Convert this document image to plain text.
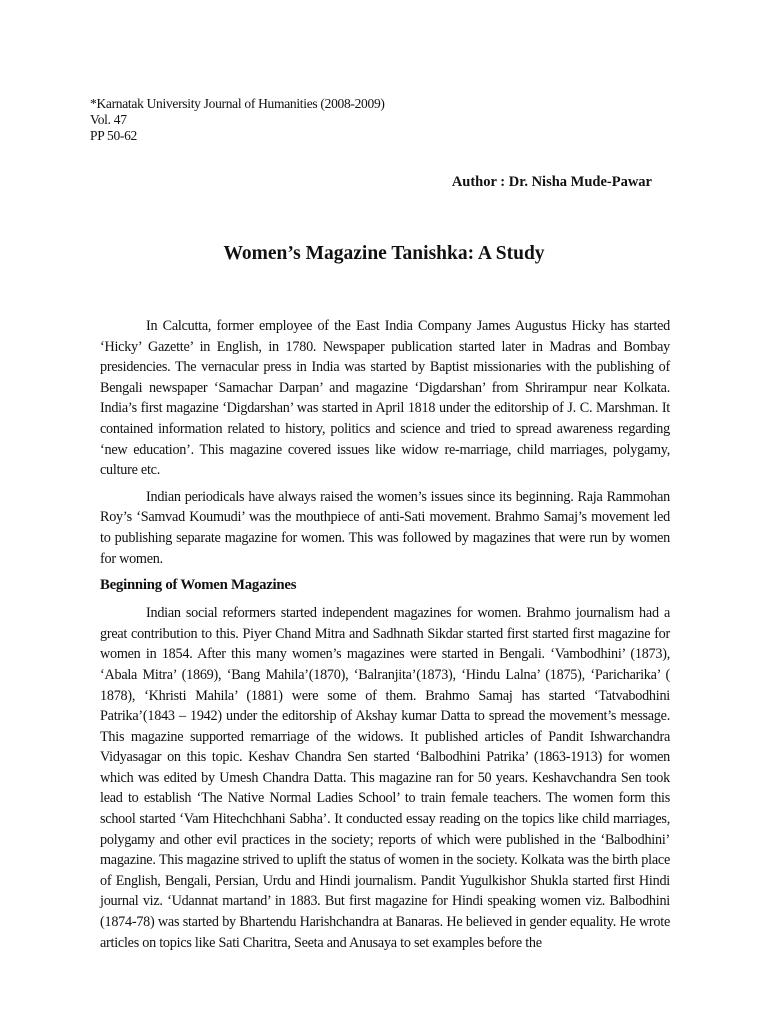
*Karnatak University Journal of Humanities (2008-2009)
Vol. 47
PP 50-62
Author : Dr. Nisha Mude-Pawar
Women’s Magazine Tanishka: A Study

In Calcutta, former employee of the East India Company James Augustus Hicky has started ‘Hicky’ Gazette’ in English, in 1780. Newspaper publication started later in Madras and Bombay presidencies. The vernacular press in India was started by Baptist missionaries with the publishing of Bengali newspaper ‘Samachar Darpan’ and magazine ‘Digdarshan’ from Shrirampur near Kolkata. India’s first magazine ‘Digdarshan’ was started in April 1818 under the editorship of J. C. Marshman. It contained information related to history, politics and science and tried to spread awareness regarding ‘new education’. This magazine covered issues like widow re-marriage, child marriages, polygamy, culture etc.

Indian periodicals have always raised the women’s issues since its beginning. Raja Rammohan Roy’s ‘Samvad Koumudi’ was the mouthpiece of anti-Sati movement. Brahmo Samaj’s movement led to publishing separate magazine for women. This was followed by magazines that were run by women for women.

Beginning of Women Magazines

Indian social reformers started independent magazines for women. Brahmo journalism had a great contribution to this. Piyer Chand Mitra and Sadhnath Sikdar started first started first magazine for women in 1854. After this many women’s magazines were started in Bengali. ‘Vambodhini’ (1873), ‘Abala Mitra’ (1869), ‘Bang Mahila’(1870), ‘Balranjita’(1873), ‘Hindu Lalna’ (1875), ‘Paricharika’ ( 1878), ‘Khristi Mahila’ (1881) were some of them. Brahmo Samaj has started ‘Tatvabodhini Patrika’(1843 – 1942) under the editorship of Akshay kumar Datta to spread the movement’s message. This magazine supported remarriage of the widows. It published articles of Pandit Ishwarchandra Vidyasagar on this topic. Keshav Chandra Sen started ‘Balbodhini Patrika’ (1863-1913) for women which was edited by Umesh Chandra Datta. This magazine ran for 50 years. Keshavchandra Sen took lead to establish ‘The Native Normal Ladies School’ to train female teachers. The women form this school started ‘Vam Hitechchhani Sabha’. It conducted essay reading on the topics like child marriages, polygamy and other evil practices in the society; reports of which were published in the ‘Balbodhini’ magazine. This magazine strived to uplift the status of women in the society. Kolkata was the birth place of English, Bengali, Persian, Urdu and Hindi journalism. Pandit Yugulkishor Shukla started first Hindi journal viz. ‘Udannat martand’ in 1883. But first magazine for Hindi speaking women viz. Balbodhini (1874-78) was started by Bhartendu Harishchandra at Banaras. He believed in gender equality. He wrote articles on topics like Sati Charitra, Seeta and Anusaya to set examples before the
